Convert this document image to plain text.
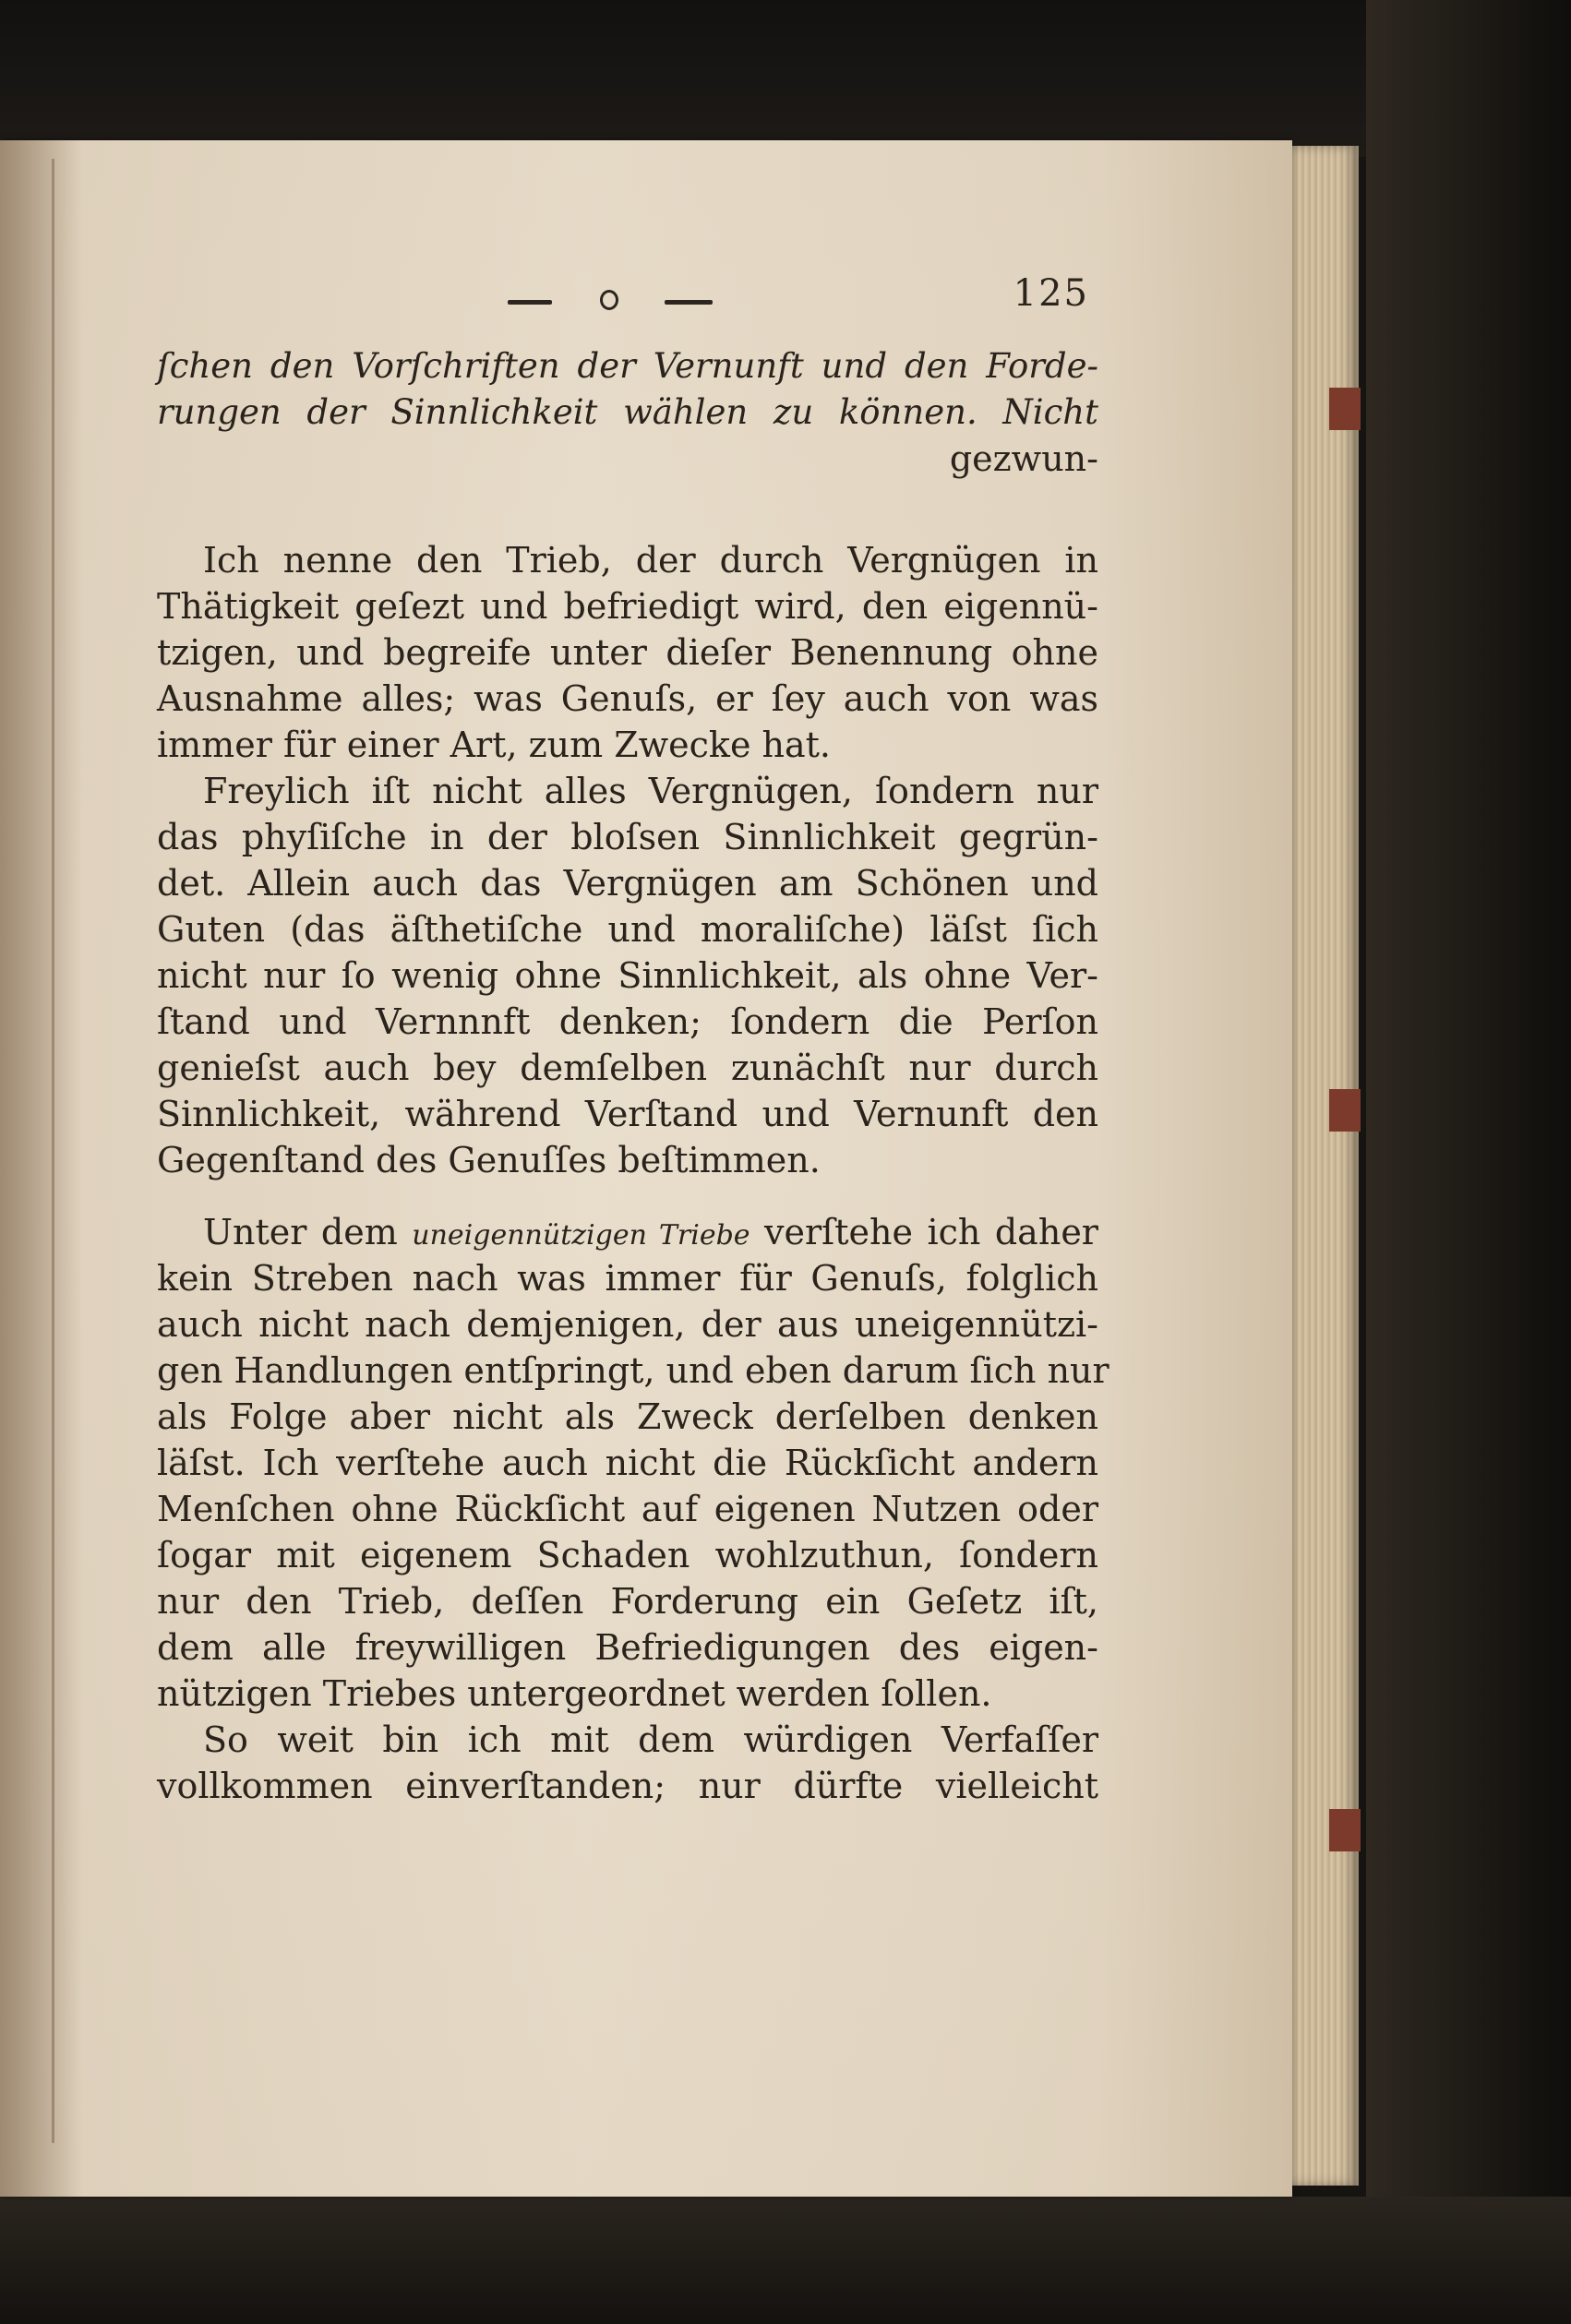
125
ſchen den Vorſchriften der Vernunft und den Forde-
rungen der Sinnlichkeit wählen zu können. Nicht
gezwun-
Ich nenne den Trieb, der durch Vergnügen in
Thätigkeit geſezt und befriedigt wird, den eigennü-
tzigen, und begreife unter dieſer Benennung ohne
Ausnahme alles; was Genuſs, er ſey auch von was
immer für einer Art, zum Zwecke hat.
Freylich iſt nicht alles Vergnügen, ſondern nur
das phyſiſche in der bloſsen Sinnlichkeit gegrün-
det. Allein auch das Vergnügen am Schönen und
Guten (das äſthetiſche und moraliſche) läſst ſich
nicht nur ſo wenig ohne Sinnlichkeit, als ohne Ver-
ſtand und Vernnnft denken; ſondern die Perſon
genieſst auch bey demſelben zunächſt nur durch
Sinnlichkeit, während Verſtand und Vernunft den
Gegenſtand des Genuſſes beſtimmen.
Unter dem uneigennützigen Triebe verſtehe ich daher
kein Streben nach was immer für Genuſs, folglich
auch nicht nach demjenigen, der aus uneigennützi-
gen Handlungen entſpringt, und eben darum ſich nur
als Folge aber nicht als Zweck derſelben denken
läſst. Ich verſtehe auch nicht die Rückſicht andern
Menſchen ohne Rückſicht auf eigenen Nutzen oder
ſogar mit eigenem Schaden wohlzuthun, ſondern
nur den Trieb, deſſen Forderung ein Geſetz iſt,
dem alle freywilligen Befriedigungen des eigen-
nützigen Triebes untergeordnet werden ſollen.
So weit bin ich mit dem würdigen Verfaſſer
vollkommen einverſtanden; nur dürfte vielleicht
